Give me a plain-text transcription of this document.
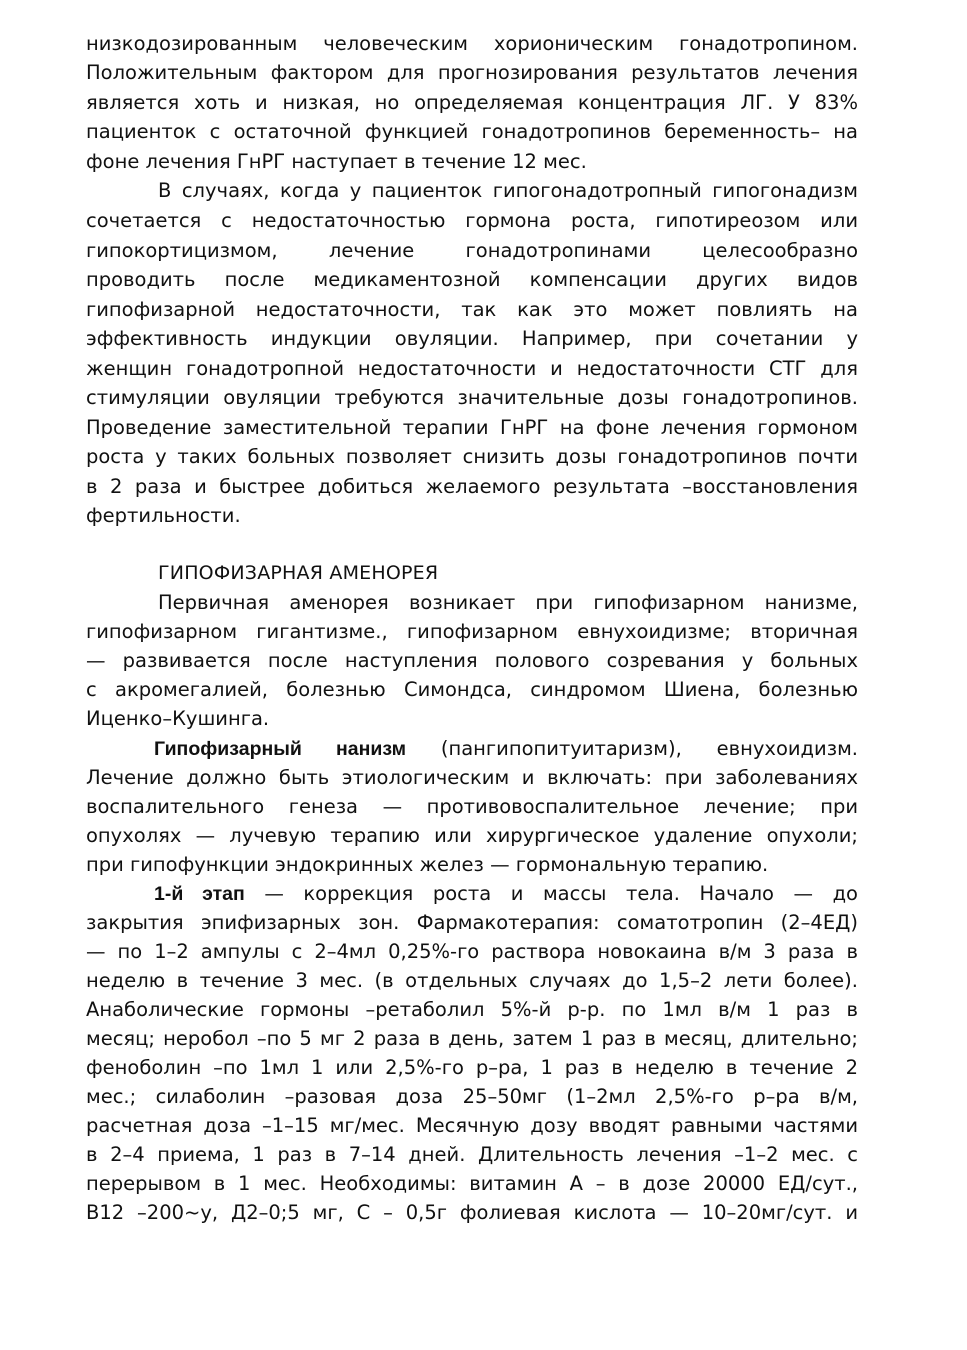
низкодозированным человеческим хорионическим гонадотропином.
Положительным фактором для прогнозирования результатов лечения
является хоть и низкая, но определяемая концентрация ЛГ. У 83%
пациенток с остаточной функцией гонадотропинов беременность– на
фоне лечения ГнРГ наступает в течение 12 мес.
В случаях, когда у пациенток гипогонадотропный гипогонадизм
сочетается с недостаточностью гормона роста, гипотиреозом или
гипокортицизмом, лечение гонадотропинами целесообразно
проводить после медикаментозной компенсации других видов
гипофизарной недостаточности, так как это может повлиять на
эффективность индукции овуляции. Например, при сочетании у
женщин гонадотропной недостаточности и недостаточности СТГ для
стимуляции овуляции требуются значительные дозы гонадотропинов.
Проведение заместительной терапии ГнРГ на фоне лечения гормоном
роста у таких больных позволяет снизить дозы гонадотропинов почти
в 2 раза и быстрее добиться желаемого результата –восстановления
фертильности.
ГИПОФИЗАРНАЯ АМЕНОРЕЯ
Первичная аменорея возникает при гипофизарном нанизме,
гипофизарном гигантизме., гипофизарном евнухоидизме; вторичная
— развивается после наступления полового созревания у больных
с акромегалией, болезнью Симондса, синдромом Шиена, болезнью
Иценко–Кушинга.
Гипофизарный нанизм (пангипопитуитаризм), евнухоидизм.
Лечение должно быть этиологическим и включать: при заболеваниях
воспалительного генеза — противовоспалительное лечение; при
опухолях — лучевую терапию или хирургическое удаление опухоли;
при гипофункции эндокринных желез — гормональную терапию.
1-й этап — коррекция роста и массы тела. Начало — до
закрытия эпифизарных зон. Фармакотерапия: соматотропин (2–4ЕД)
— по 1–2 ампулы с 2–4мл 0,25%-го раствора новокаина в/м 3 раза в
неделю в течение 3 мес. (в отдельных случаях до 1,5–2 лети более).
Анаболические гормоны –ретаболил 5%-й р-р. по 1мл в/м 1 раз в
месяц; неробол –по 5 мг 2 раза в день, затем 1 раз в месяц, длительно;
феноболин –по 1мл 1 или 2,5%-го р–ра, 1 раз в неделю в течение 2
мес.; силаболин –разовая доза 25–50мг (1–2мл 2,5%-го р–ра в/м,
расчетная доза –1–15 мг/мес. Месячную дозу вводят равными частями
в 2–4 приема, 1 раз в 7–14 дней. Длительность лечения –1–2 мес. с
перерывом в 1 мес. Необходимы: витамин А – в дозе 20000 ЕД/сут.,
В12 –200~у, Д2–0;5 мг, С – 0,5г фолиевая кислота — 10–20мг/сут. и
